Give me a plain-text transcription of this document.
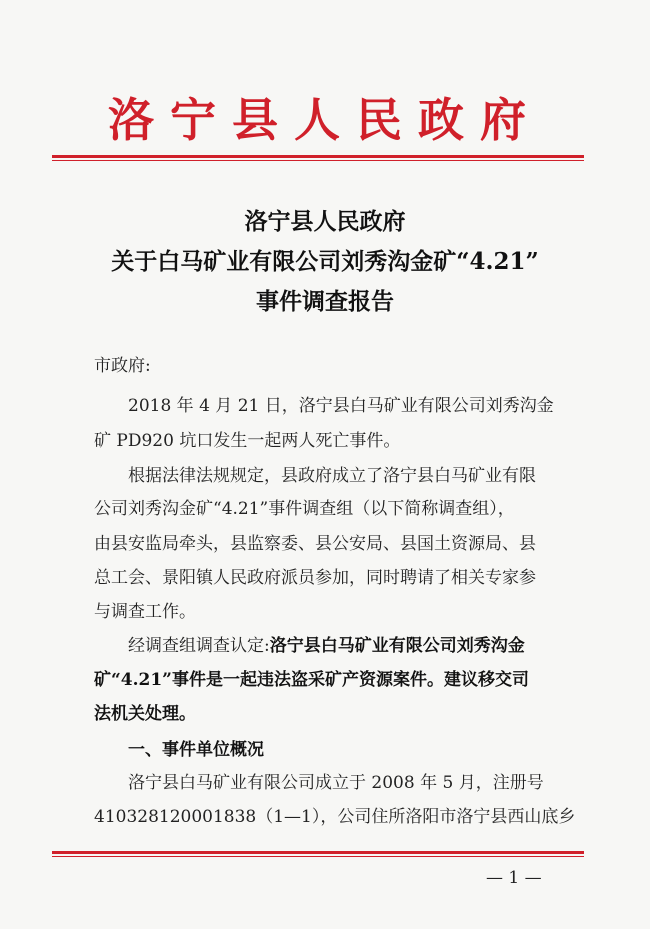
洛宁县人民政府
洛宁县人民政府
关于白马矿业有限公司刘秀沟金矿“4.21”
事件调查报告
市政府:
2018 年 4 月 21 日，洛宁县白马矿业有限公司刘秀沟金
矿 PD920 坑口发生一起两人死亡事件。
根据法律法规规定，县政府成立了洛宁县白马矿业有限
公司刘秀沟金矿“4.21”事件调查组（以下简称调查组），
由县安监局牵头，县监察委、县公安局、县国土资源局、县
总工会、景阳镇人民政府派员参加，同时聘请了相关专家参
与调查工作。
经调查组调查认定:洛宁县白马矿业有限公司刘秀沟金
矿“4.21”事件是一起违法盗采矿产资源案件。建议移交司
法机关处理。
一、事件单位概况
洛宁县白马矿业有限公司成立于 2008 年 5 月，注册号
410328120001838（1—1），公司住所洛阳市洛宁县西山底乡
— 1 —
